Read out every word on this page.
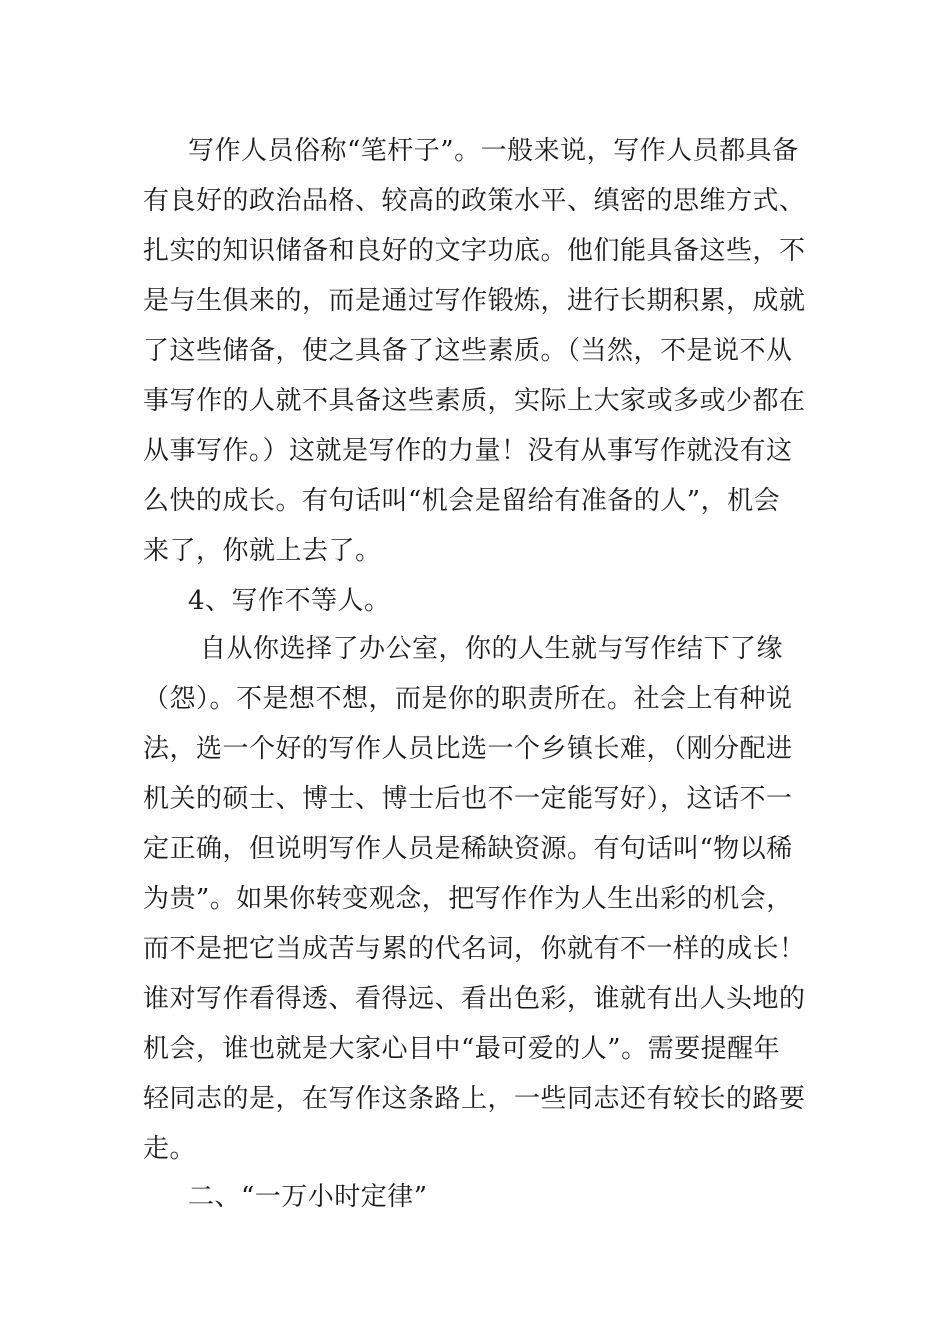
写作人员俗称“笔杆子”。一般来说，写作人员都具备
有良好的政治品格、较高的政策水平、缜密的思维方式、
扎实的知识储备和良好的文字功底。他们能具备这些，不
是与生俱来的，而是通过写作锻炼，进行长期积累，成就
了这些储备，使之具备了这些素质。（当然，不是说不从
事写作的人就不具备这些素质，实际上大家或多或少都在
从事写作。）这就是写作的力量！没有从事写作就没有这
么快的成长。有句话叫“机会是留给有准备的人”，机会
来了，你就上去了。
4、写作不等人。
自从你选择了办公室，你的人生就与写作结下了缘
（怨）。不是想不想，而是你的职责所在。社会上有种说
法，选一个好的写作人员比选一个乡镇长难，（刚分配进
机关的硕士、博士、博士后也不一定能写好），这话不一
定正确，但说明写作人员是稀缺资源。有句话叫“物以稀
为贵”。如果你转变观念，把写作作为人生出彩的机会，
而不是把它当成苦与累的代名词，你就有不一样的成长！
谁对写作看得透、看得远、看出色彩，谁就有出人头地的
机会，谁也就是大家心目中“最可爱的人”。需要提醒年
轻同志的是，在写作这条路上，一些同志还有较长的路要
走。
二、“一万小时定律”
